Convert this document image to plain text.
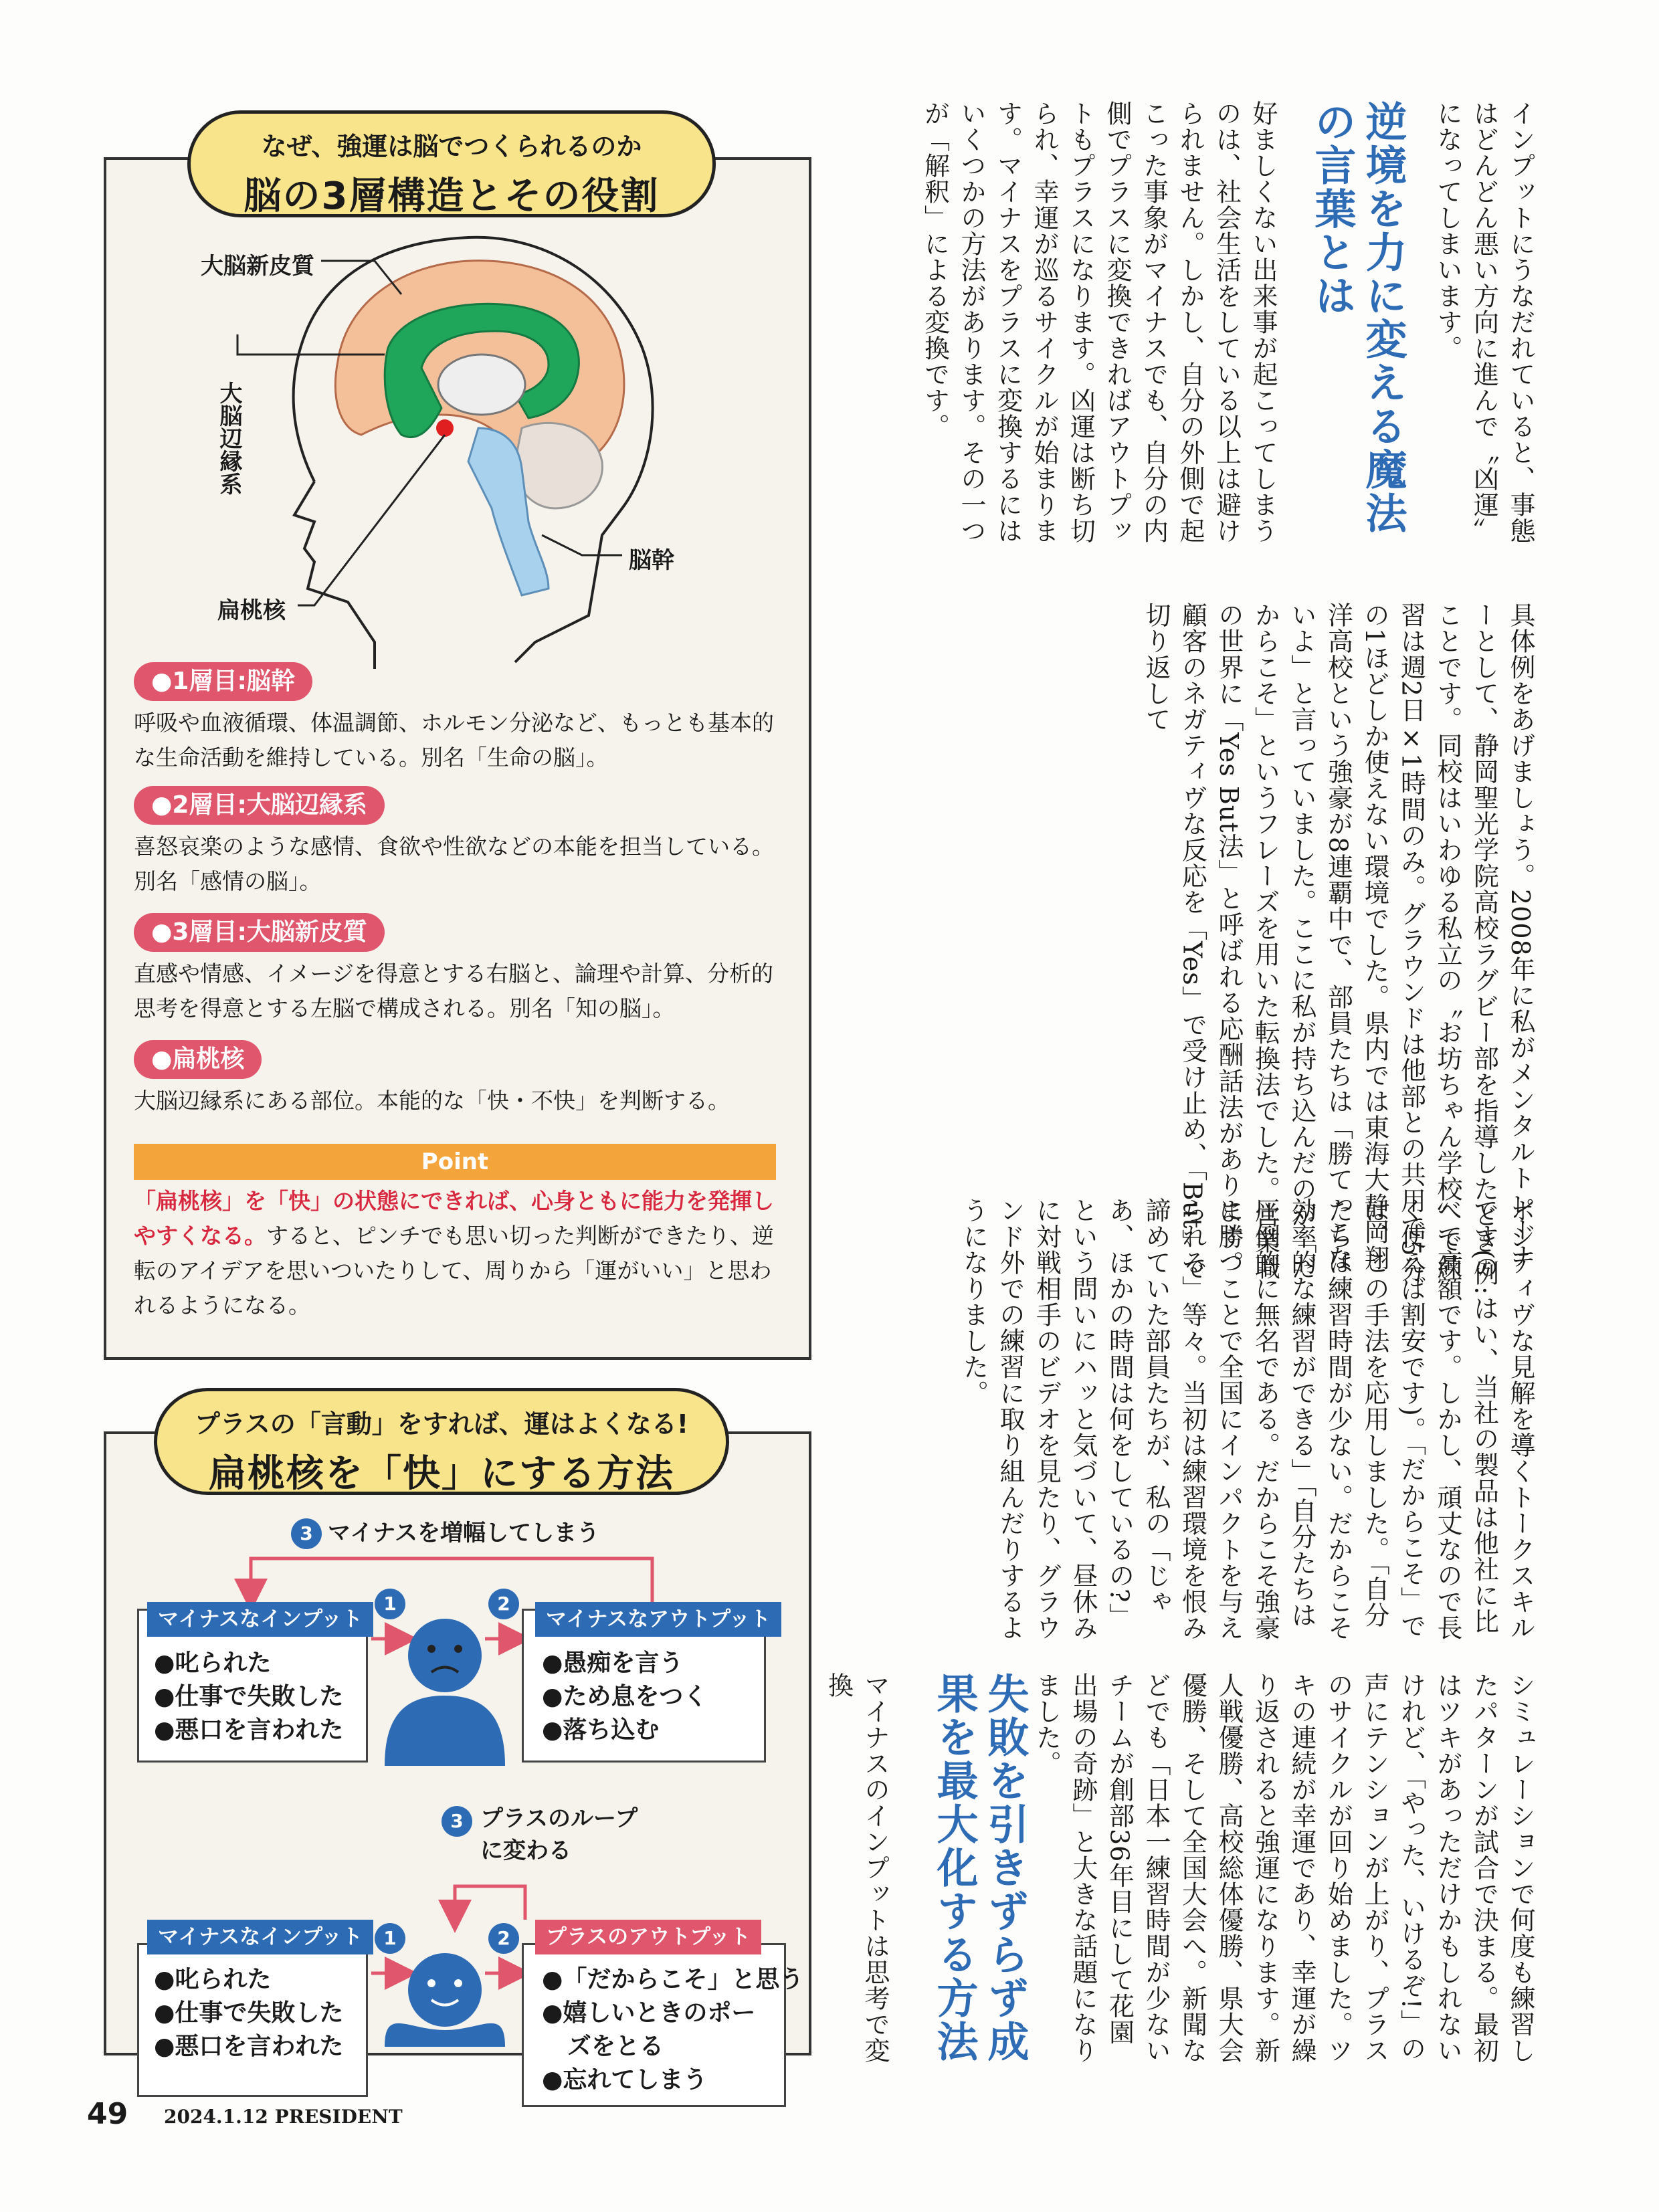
なぜ、強運は脳でつくられるのか
脳の3層構造とその役割
大脳新皮質
大脳辺縁系
脳幹
扁桃核
●1層目:脳幹
呼吸や血液循環、体温調節、ホルモン分泌など、もっとも基本的な生命活動を維持している。別名「生命の脳」。
●2層目:大脳辺縁系
喜怒哀楽のような感情、食欲や性欲などの本能を担当している。別名「感情の脳」。
●3層目:大脳新皮質
直感や情感、イメージを得意とする右脳と、論理や計算、分析的思考を得意とする左脳で構成される。別名「知の脳」。
●扁桃核
大脳辺縁系にある部位。本能的な「快・不快」を判断する。
Point
「扁桃核」を「快」の状態にできれば、心身ともに能力を発揮しやすくなる。すると、ピンチでも思い切った判断ができたり、逆転のアイデアを思いついたりして、周りから「運がいい」と思われるようになる。
プラスの「言動」をすれば、運はよくなる!
扁桃核を「快」にする方法
3 マイナスを増幅してしまう
1	2
マイナスなインプット
●叱られた
●仕事で失敗した
●悪口を言われた
マイナスなアウトプット
●愚痴を言う
●ため息をつく
●落ち込む
3 プラスのループ
に変わる
1	2
マイナスなインプット
●叱られた
●仕事で失敗した
●悪口を言われた
プラスのアウトプット
●「だからこそ」と思う
●嬉しいときのポー
ズをとる
●忘れてしまう
インプットにうなだれていると、事態はどんどん悪い方向に進んで〝凶運〟になってしまいます。
逆境を力に変える魔法の言葉とは
好ましくない出来事が起こってしまうのは、社会生活をしている以上は避けられません。しかし、自分の外側で起こった事象がマイナスでも、自分の内側でプラスに変換できればアウトプットもプラスになります。凶運は断ち切られ、幸運が巡るサイクルが始まります。マイナスをプラスに変換するにはいくつかの方法があります。その一つが「解釈」による変換です。
具体例をあげましょう。2008年に私がメンタルトレーナーとして、静岡聖光学院高校ラグビー部を指導したときのことです。同校はいわゆる私立の〝お坊ちゃん学校〟で練習は週2日×1時間のみ。グラウンドは他部との共用で5分の1ほどしか使えない環境でした。県内では東海大静岡翔洋高校という強豪が8連覇中で、部員たちは「勝てっこないよ」と言っていました。ここに私が持ち込んだのが「だからこそ」というフレーズを用いた転換法でした。営業職の世界に「Yes But法」と呼ばれる応酬話法があります。顧客のネガティヴな反応を「Yes」で受け止め、「But」で切り返して
ポジティヴな見解を導くトークスキルです(例:はい、当社の製品は他社に比べて高額です。しかし、頑丈なので長く使えば割安です)。「だからこそ」では、この手法を応用しました。「自分たちは練習時間が少ない。だからこそ効率的な練習ができる」「自分たちは圧倒的に無名である。だからこそ強豪に勝つことで全国にインパクトを与えられる」等々。当初は練習環境を恨み諦めていた部員たちが、私の「じゃあ、ほかの時間は何をしているの?」という問いにハッと気づいて、昼休みに対戦相手のビデオを見たり、グラウンド外での練習に取り組んだりするようになりました。
シミュレーションで何度も練習したパターンが試合で決まる。最初はツキがあっただけかもしれないけれど、「やった、いけるぞ!」の声にテンションが上がり、プラスのサイクルが回り始めました。ツキの連続が幸運であり、幸運が繰り返されると強運になります。新人戦優勝、高校総体優勝、県大会優勝、そして全国大会へ。新聞などでも「日本一練習時間が少ないチームが創部36年目にして花園出場の奇跡」と大きな話題になりました。
失敗を引きずらず成果を最大化する方法
マイナスのインプットは思考で変換
49 2024.1.12 PRESIDENT
